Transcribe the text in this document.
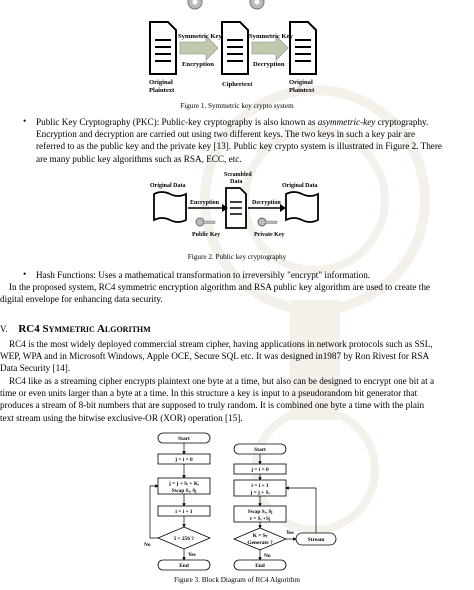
Symmetric Key
Encryption
Symmetric Key
Decryption
Original
Plaintext
Ciphertext	Original
Plaintext
Figure 1. Symmetric key crypto system
• Public Key Cryptography (PKC): Public-key cryptography is also known as asymmetric-key cryptography.
Encryption and decryption are carried out using two different keys. The two keys in such a key pair are
referred to as the public key and the private key [13]. Public key crypto system is illustrated in Figure 2. There
are many public key algorithms such as RSA, ECC, etc.
Original Data
Scrambled
Data
Original Data
Encryption	Decryption
Public Key	Private Key
Figure 2. Public key cryptography
• Hash Functions: Uses a mathematical transformation to irreversibly "encrypt" information.
In the proposed system, RC4 symmetric encryption algorithm and RSA public key algorithm are used to create the
digital envelope for enhancing data security.
V. RC4 Symmetric Algorithm
RC4 is the most widely deployed commercial stream cipher, having applications in network protocols such as SSL,
WEP, WPA and in Microsoft Windows, Apple OCE, Secure SQL etc. It was designed in1987 by Ron Rivest for RSA
Data Security [14].
RC4 like as a streaming cipher encrypts plaintext one byte at a time, but also can be designed to encrypt one bit at a
time or even units larger than a byte at a time. In this structure a key is input to a pseudorandom bit generator that
produces a stream of 8-bit numbers that are supposed to truly random. It is combined one byte a time with the plain
text stream using the bitwise exclusive-OR (XOR) operation [15].
Start
j = i = 0
j = j + Sᵢ + Kᵢ
Swap Sᵢ, Sⱼ
i = i + 1
I < 256 ?
No
Yes
End
Start
j = i = 0
i = i + 1
j = j + Sᵢ
Swap Sᵢ, Sⱼ
t = Sᵢ +Sⱼ
K = Sₜ
Generate ?
Yes
Stream
No
End
Figure 3. Block Diagram of RC4 Algorithm
